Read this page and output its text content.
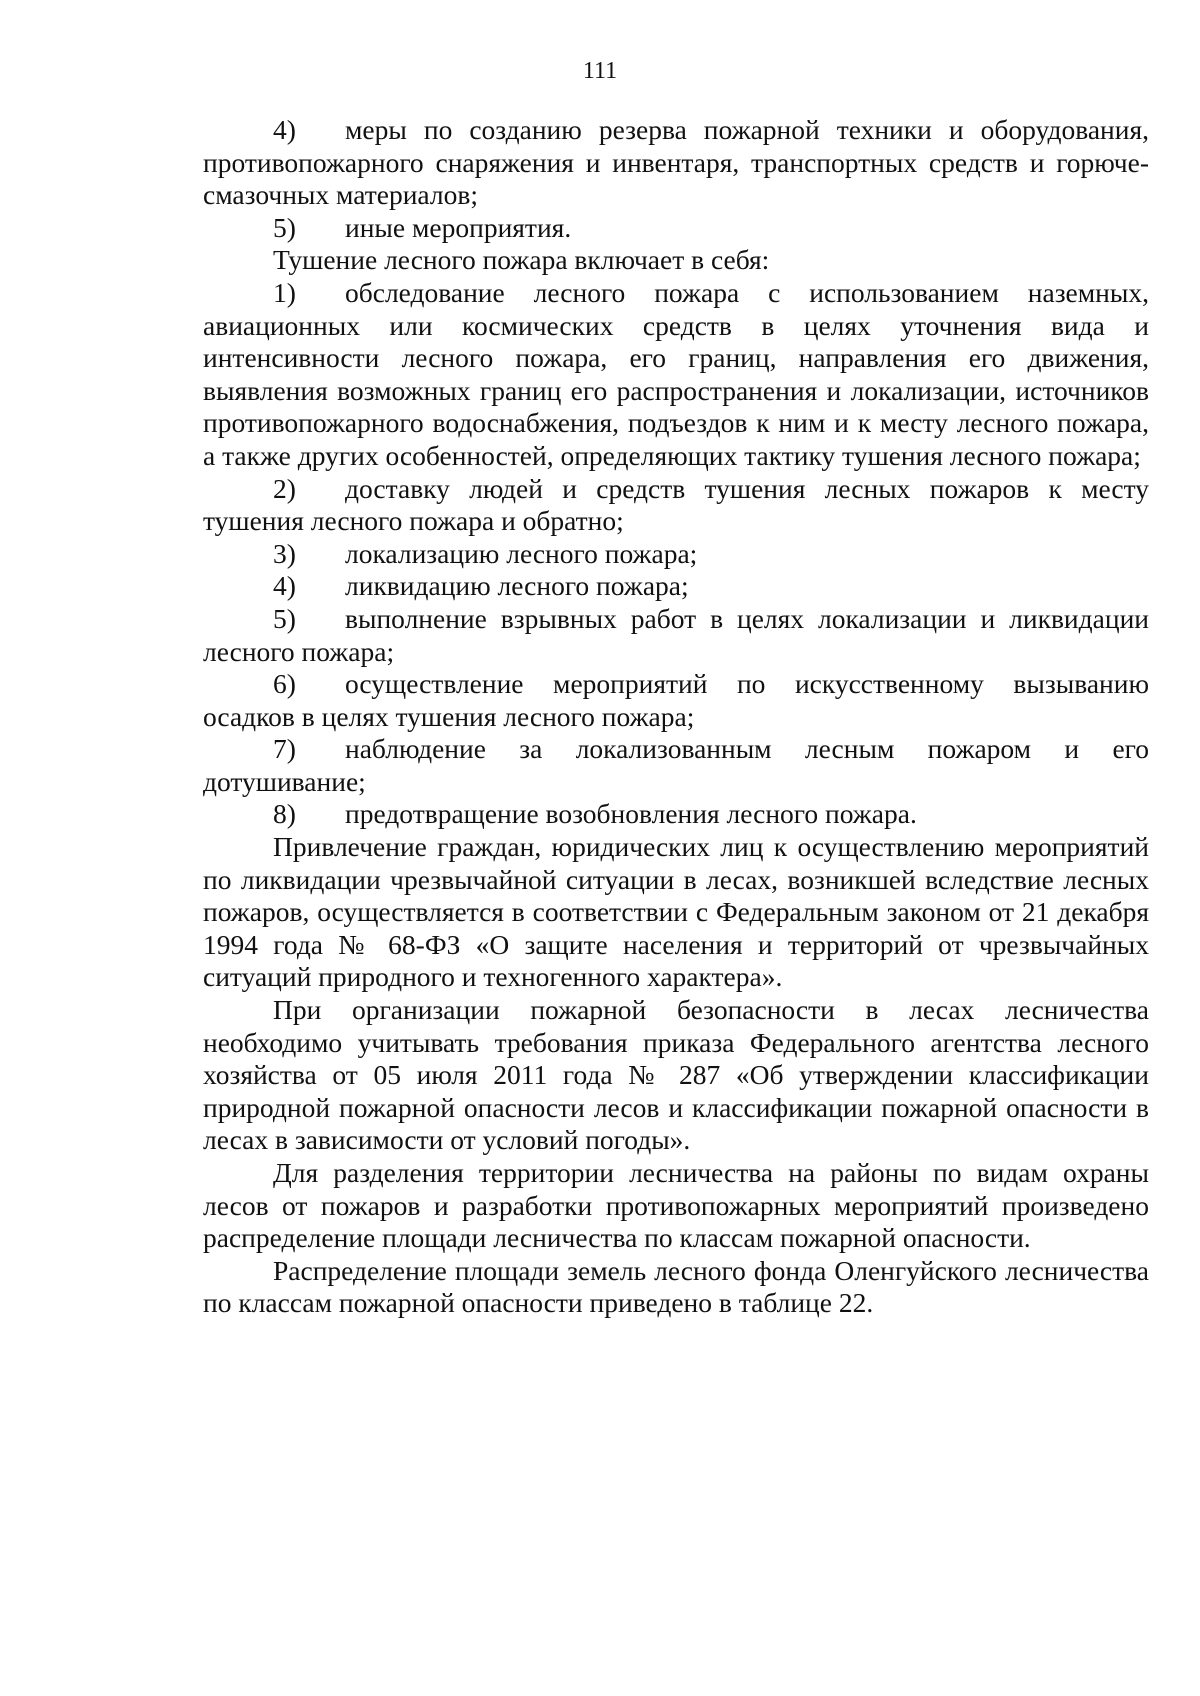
111

4) меры по созданию резерва пожарной техники и оборудования, противопожарного снаряжения и инвентаря, транспортных средств и горюче-смазочных материалов;

5) иные мероприятия.

Тушение лесного пожара включает в себя:

1) обследование лесного пожара с использованием наземных, авиационных или космических средств в целях уточнения вида и интенсивности лесного пожара, его границ, направления его движения, выявления возможных границ его распространения и локализации, источников противопожарного водоснабжения, подъездов к ним и к месту лесного пожара, а также других особенностей, определяющих тактику тушения лесного пожара;

2) доставку людей и средств тушения лесных пожаров к месту тушения лесного пожара и обратно;

3) локализацию лесного пожара;

4) ликвидацию лесного пожара;

5) выполнение взрывных работ в целях локализации и ликвидации лесного пожара;

6) осуществление мероприятий по искусственному вызыванию осадков в целях тушения лесного пожара;

7) наблюдение за локализованным лесным пожаром и его дотушивание;

8) предотвращение возобновления лесного пожара.

Привлечение граждан, юридических лиц к осуществлению мероприятий по ликвидации чрезвычайной ситуации в лесах, возникшей вследствие лесных пожаров, осуществляется в соответствии с Федеральным законом от 21 декабря 1994 года № 68-ФЗ «О защите населения и территорий от чрезвычайных ситуаций природного и техногенного характера».

При организации пожарной безопасности в лесах лесничества необходимо учитывать требования приказа Федерального агентства лесного хозяйства от 05 июля 2011 года № 287 «Об утверждении классификации природной пожарной опасности лесов и классификации пожарной опасности в лесах в зависимости от условий погоды».

Для разделения территории лесничества на районы по видам охраны лесов от пожаров и разработки противопожарных мероприятий произведено распределение площади лесничества по классам пожарной опасности.

Распределение площади земель лесного фонда Оленгуйского лесничества по классам пожарной опасности приведено в таблице 22.
